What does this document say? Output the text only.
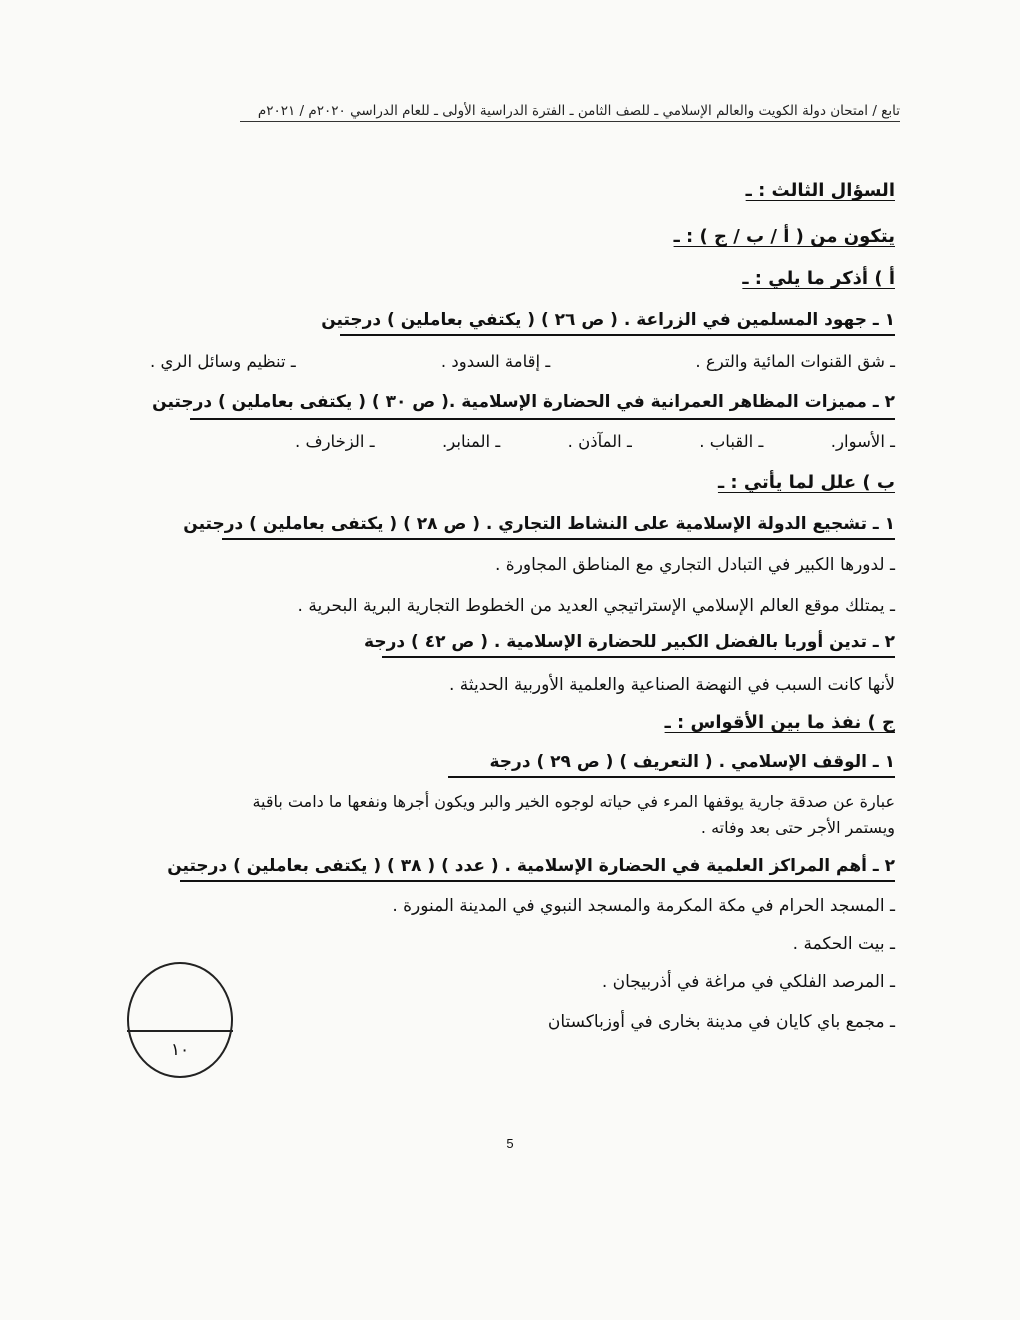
تابع / امتحان دولة الكويت والعالم الإسلامي ـ للصف الثامن ـ الفترة الدراسية الأولى ـ للعام الدراسي ٢٠٢٠م / ٢٠٢١م
السؤال الثالث : ـ
يتكون من ( أ / ب / ج ) : ـ
أ ) أذكر ما يلي : ـ
١ ـ جهود المسلمين في الزراعة . ( ص ٢٦ ) ( يكتفي بعاملين ) درجتين
ـ شق القنوات المائية والترع .
ـ إقامة السدود .
ـ تنظيم وسائل الري .
٢ ـ مميزات المظاهر العمرانية في الحضارة الإسلامية .( ص ٣٠ ) ( يكتفى بعاملين ) درجتين
ـ الأسوار.
ـ القباب .
ـ المآذن .
ـ المنابر.
ـ الزخارف .
ب ) علل لما يأتي : ـ
١ ـ تشجيع الدولة الإسلامية على النشاط التجاري . ( ص ٢٨ ) ( يكتفى بعاملين ) درجتين
ـ لدورها الكبير في التبادل التجاري مع المناطق المجاورة .
ـ يمتلك موقع العالم الإسلامي الإستراتيجي العديد من الخطوط التجارية البرية البحرية .
٢ ـ تدين أوربا بالفضل الكبير للحضارة الإسلامية . ( ص ٤٢ ) درجة
لأنها كانت السبب في النهضة الصناعية والعلمية الأوربية الحديثة .
ج ) نفذ ما بين الأقواس : ـ
١ ـ الوقف الإسلامي . ( التعريف ) ( ص ٢٩ ) درجة
عبارة عن صدقة جارية يوقفها المرء في حياته لوجوه الخير والبر ويكون أجرها ونفعها ما دامت باقية
ويستمر الأجر حتى بعد وفاته .
٢ ـ أهم المراكز العلمية في الحضارة الإسلامية . ( عدد ) ( ٣٨ ) ( يكتفى بعاملين ) درجتين
ـ المسجد الحرام في مكة المكرمة والمسجد النبوي في المدينة المنورة .
ـ بيت الحكمة .
ـ المرصد الفلكي في مراغة في أذربيجان .
ـ مجمع باي كايان في مدينة بخارى في أوزباكستان
١٠
5
